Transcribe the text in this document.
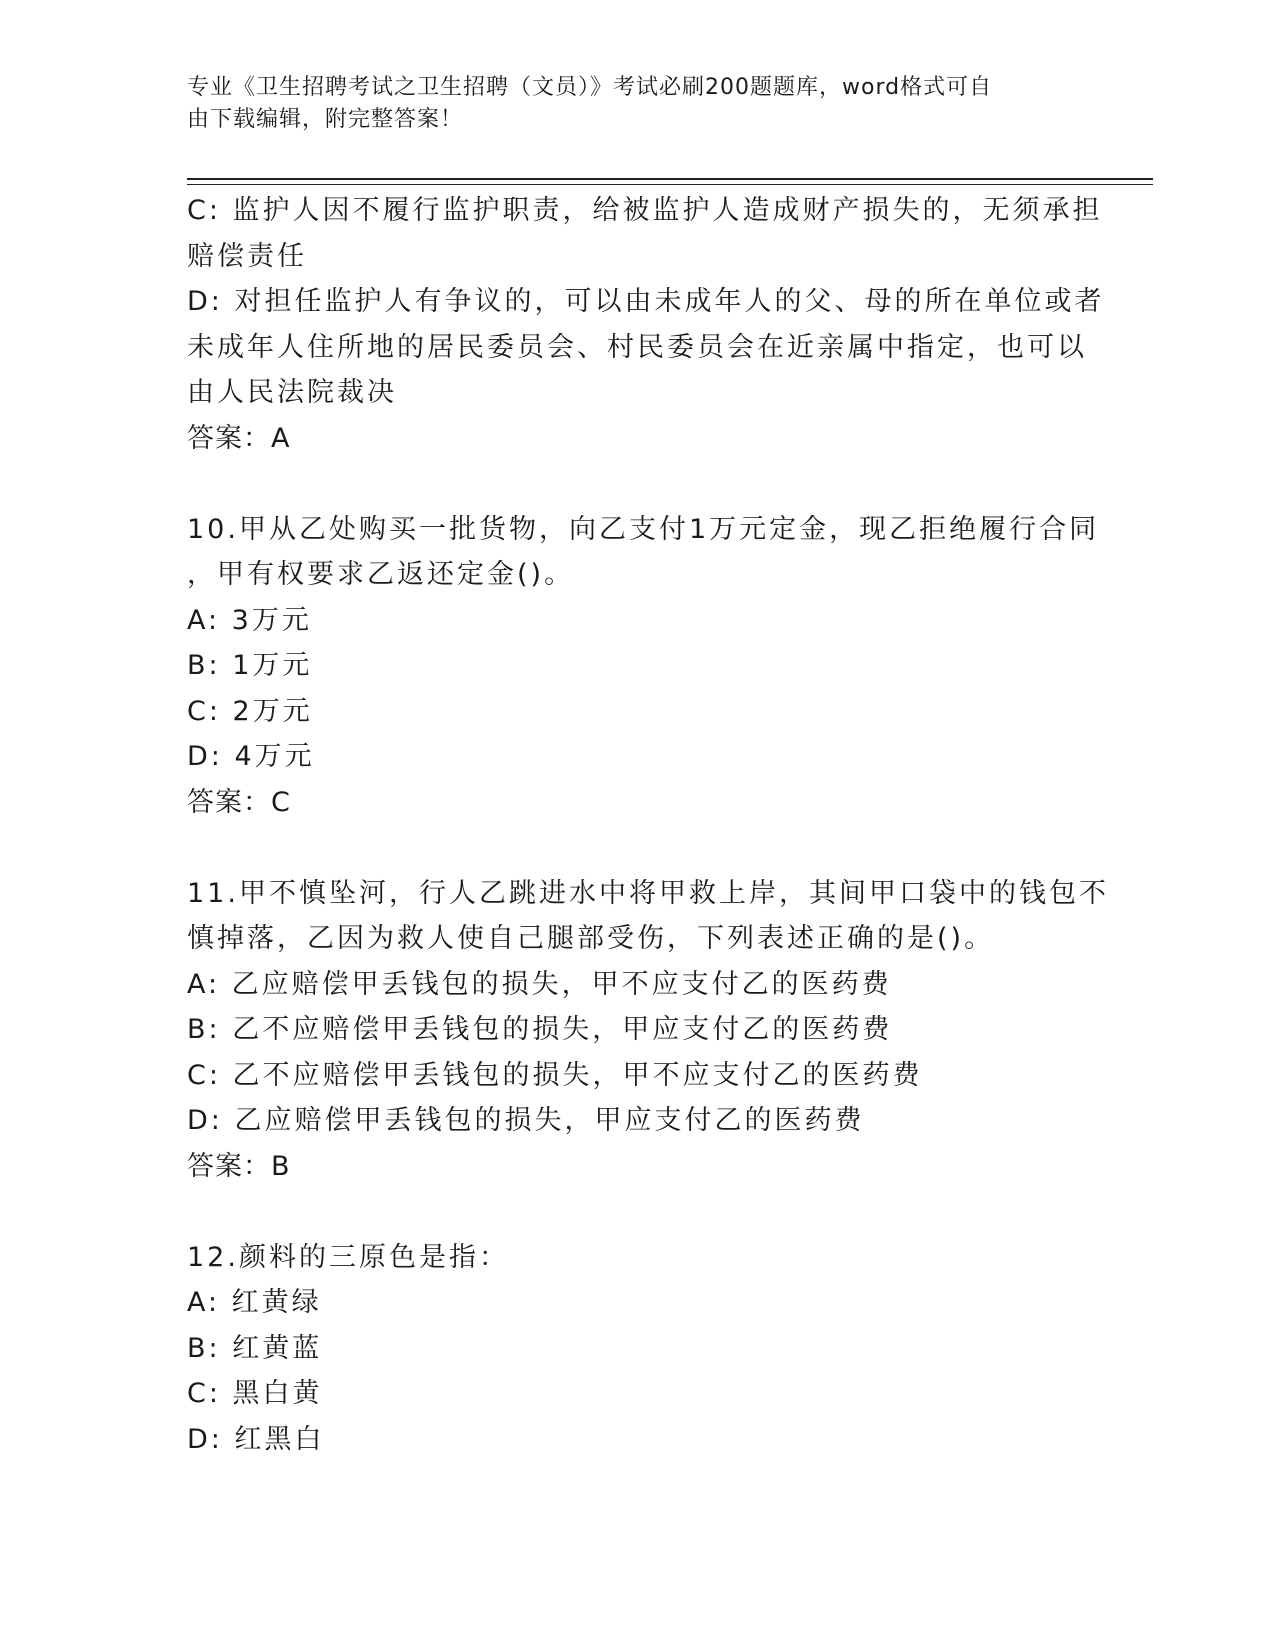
专业《卫生招聘考试之卫生招聘（文员）》考试必刷200题题库，word格式可自
由下载编辑，附完整答案！
C: 监护人因不履行监护职责，给被监护人造成财产损失的，无须承担
赔偿责任
D: 对担任监护人有争议的，可以由未成年人的父、母的所在单位或者
未成年人住所地的居民委员会、村民委员会在近亲属中指定，也可以
由人民法院裁决
答案：A
10.甲从乙处购买一批货物，向乙支付1万元定金，现乙拒绝履行合同
，甲有权要求乙返还定金()。
A: 3万元
B: 1万元
C: 2万元
D: 4万元
答案：C
11.甲不慎坠河，行人乙跳进水中将甲救上岸，其间甲口袋中的钱包不
慎掉落，乙因为救人使自己腿部受伤，下列表述正确的是()。
A: 乙应赔偿甲丢钱包的损失，甲不应支付乙的医药费
B: 乙不应赔偿甲丢钱包的损失，甲应支付乙的医药费
C: 乙不应赔偿甲丢钱包的损失，甲不应支付乙的医药费
D: 乙应赔偿甲丢钱包的损失，甲应支付乙的医药费
答案：B
12.颜料的三原色是指：
A: 红黄绿
B: 红黄蓝
C: 黑白黄
D: 红黑白
